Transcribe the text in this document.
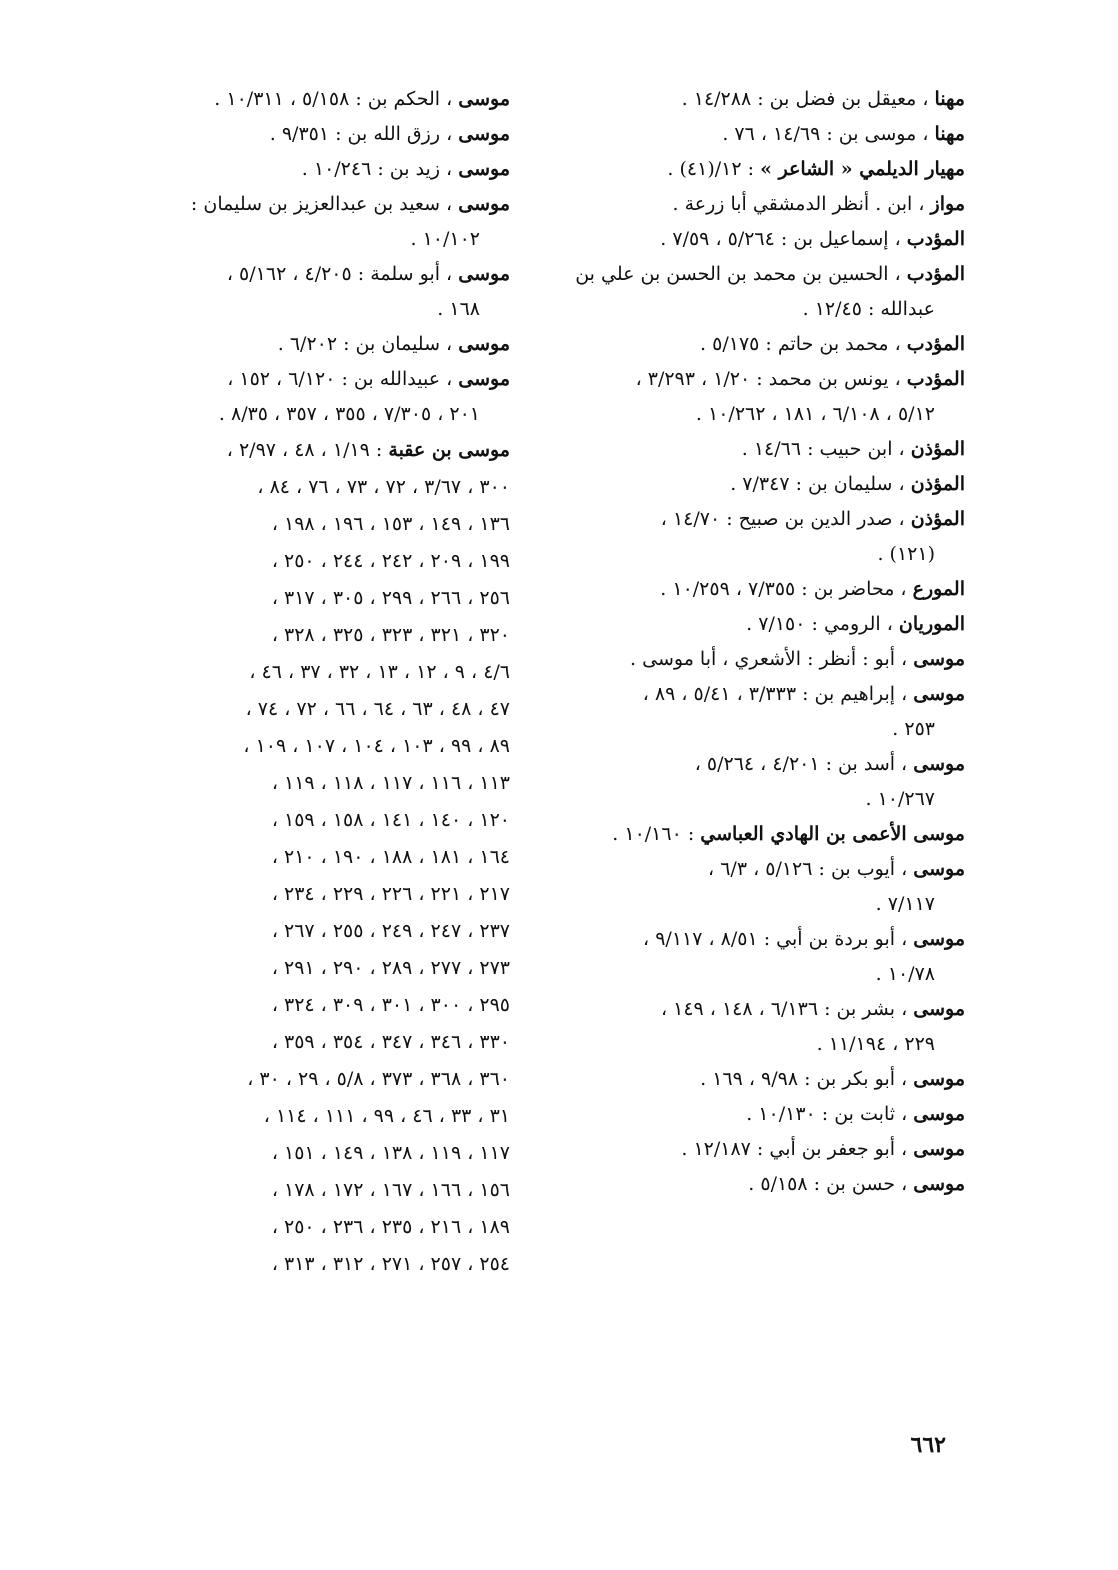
مهنا ، معيقل بن فضل بن : ١٤/٢٨٨ .

مهنا ، موسى بن : ١٤/٦٩ ، ٧٦ .

مهيار الديلمي « الشاعر » : ١٢/(٤١) .

مواز ، ابن . أنظر الدمشقي أبا زرعة .

المؤدب ، إسماعيل بن : ٥/٢٦٤ ، ٧/٥٩ .

المؤدب ، الحسين بن محمد بن الحسن بن علي بن
عبدالله : ١٢/٤٥ .

المؤدب ، محمد بن حاتم : ٥/١٧٥ .

المؤدب ، يونس بن محمد : ١/٢٠ ، ٣/٢٩٣ ،
٥/١٢ ، ٦/١٠٨ ، ١٨١ ، ١٠/٢٦٢ .

المؤذن ، ابن حبيب : ١٤/٦٦ .

المؤذن ، سليمان بن : ٧/٣٤٧ .

المؤذن ، صدر الدين بن صبيح : ١٤/٧٠ ،
(١٢١) .

المورع ، محاضر بن : ٧/٣٥٥ ، ١٠/٢٥٩ .

الموريان ، الرومي : ٧/١٥٠ .

موسى ، أبو : أنظر : الأشعري ، أبا موسى .

موسى ، إبراهيم بن : ٣/٣٣٣ ، ٥/٤١ ، ٨٩ ،
٢٥٣ .

موسى ، أسد بن : ٤/٢٠١ ، ٥/٢٦٤ ،
١٠/٢٦٧ .

موسى الأعمى بن الهادي العباسي : ١٠/١٦٠ .

موسى ، أيوب بن : ٥/١٢٦ ، ٦/٣ ،
٧/١١٧ .

موسى ، أبو بردة بن أبي : ٨/٥١ ، ٩/١١٧ ،
١٠/٧٨ .

موسى ، بشر بن : ٦/١٣٦ ، ١٤٨ ، ١٤٩ ،
٢٢٩ ، ١١/١٩٤ .

موسى ، أبو بكر بن : ٩/٩٨ ، ١٦٩ .

موسى ، ثابت بن : ١٠/١٣٠ .

موسى ، أبو جعفر بن أبي : ١٢/١٨٧ .

موسى ، حسن بن : ٥/١٥٨ .

موسى ، الحكم بن : ٥/١٥٨ ، ١٠/٣١١ .

موسى ، رزق الله بن : ٩/٣٥١ .

موسى ، زيد بن : ١٠/٢٤٦ .

موسى ، سعيد بن عبدالعزيز بن سليمان :
١٠/١٠٢ .

موسى ، أبو سلمة : ٤/٢٠٥ ، ٥/١٦٢ ،
١٦٨ .

موسى ، سليمان بن : ٦/٢٠٢ .

موسى ، عبيدالله بن : ٦/١٢٠ ، ١٥٢ ،
٢٠١ ، ٧/٣٠٥ ، ٣٥٥ ، ٣٥٧ ، ٨/٣٥ .

موسى بن عقبة : ١/١٩ ، ٤٨ ، ٢/٩٧ ،
٣٠٠ ، ٣/٦٧ ، ٧٢ ، ٧٣ ، ٧٦ ، ٨٤ ،
١٣٦ ، ١٤٩ ، ١٥٣ ، ١٩٦ ، ١٩٨ ،
١٩٩ ، ٢٠٩ ، ٢٤٢ ، ٢٤٤ ، ٢٥٠ ،
٢٥٦ ، ٢٦٦ ، ٢٩٩ ، ٣٠٥ ، ٣١٧ ،
٣٢٠ ، ٣٢١ ، ٣٢٣ ، ٣٢٥ ، ٣٢٨ ،
٤/٦ ، ٩ ، ١٢ ، ١٣ ، ٣٢ ، ٣٧ ، ٤٦ ،
٤٧ ، ٤٨ ، ٦٣ ، ٦٤ ، ٦٦ ، ٧٢ ، ٧٤ ،
٨٩ ، ٩٩ ، ١٠٣ ، ١٠٤ ، ١٠٧ ، ١٠٩ ،
١١٣ ، ١١٦ ، ١١٧ ، ١١٨ ، ١١٩ ،
١٢٠ ، ١٤٠ ، ١٤١ ، ١٥٨ ، ١٥٩ ،
١٦٤ ، ١٨١ ، ١٨٨ ، ١٩٠ ، ٢١٠ ،
٢١٧ ، ٢٢١ ، ٢٢٦ ، ٢٢٩ ، ٢٣٤ ،
٢٣٧ ، ٢٤٧ ، ٢٤٩ ، ٢٥٥ ، ٢٦٧ ،
٢٧٣ ، ٢٧٧ ، ٢٨٩ ، ٢٩٠ ، ٢٩١ ،
٢٩٥ ، ٣٠٠ ، ٣٠١ ، ٣٠٩ ، ٣٢٤ ،
٣٣٠ ، ٣٤٦ ، ٣٤٧ ، ٣٥٤ ، ٣٥٩ ،
٣٦٠ ، ٣٦٨ ، ٣٧٣ ، ٥/٨ ، ٢٩ ، ٣٠ ،
٣١ ، ٣٣ ، ٤٦ ، ٩٩ ، ١١١ ، ١١٤ ،
١١٧ ، ١١٩ ، ١٣٨ ، ١٤٩ ، ١٥١ ،
١٥٦ ، ١٦٦ ، ١٦٧ ، ١٧٢ ، ١٧٨ ،
١٨٩ ، ٢١٦ ، ٢٣٥ ، ٢٣٦ ، ٢٥٠ ،
٢٥٤ ، ٢٥٧ ، ٢٧١ ، ٣١٢ ، ٣١٣ ،
٦٦٢
